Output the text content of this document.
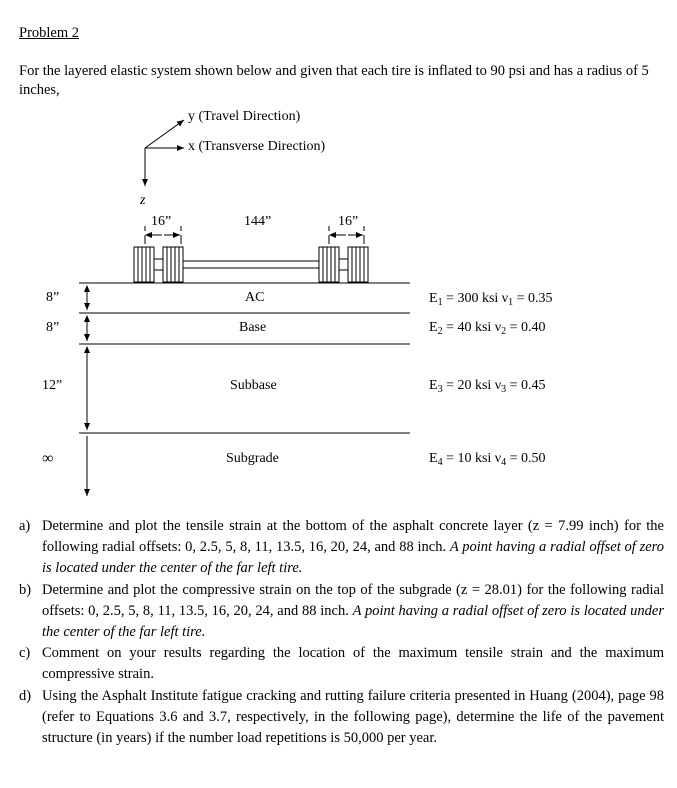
Problem 2
For the layered elastic system shown below and given that each tire is inflated to 90 psi and has a radius of 5 inches,
y (Travel Direction)
x (Transverse Direction)
z
16”	144”	16”
8”	AC	$E_1 = 300$ ksi $\nu_1 = 0.35$
8”	Base	$E_2 = 40$ ksi $\nu_2 = 0.40$
12”	Subbase	$E_3 = 20$ ksi $\nu_3 = 0.45$
∞	Subgrade	$E_4 = 10$ ksi $\nu_4 = 0.50$
a) Determine and plot the tensile strain at the bottom of the asphalt concrete layer (z = 7.99 inch) for the following radial offsets: 0, 2.5, 5, 8, 11, 13.5, 16, 20, 24, and 88 inch. A point having a radial offset of zero is located under the center of the far left tire.
b) Determine and plot the compressive strain on the top of the subgrade (z = 28.01) for the following radial offsets: 0, 2.5, 5, 8, 11, 13.5, 16, 20, 24, and 88 inch. A point having a radial offset of zero is located under the center of the far left tire.
c) Comment on your results regarding the location of the maximum tensile strain and the maximum compressive strain.
d) Using the Asphalt Institute fatigue cracking and rutting failure criteria presented in Huang (2004), page 98 (refer to Equations 3.6 and 3.7, respectively, in the following page), determine the life of the pavement structure (in years) if the number load repetitions is 50,000 per year.
